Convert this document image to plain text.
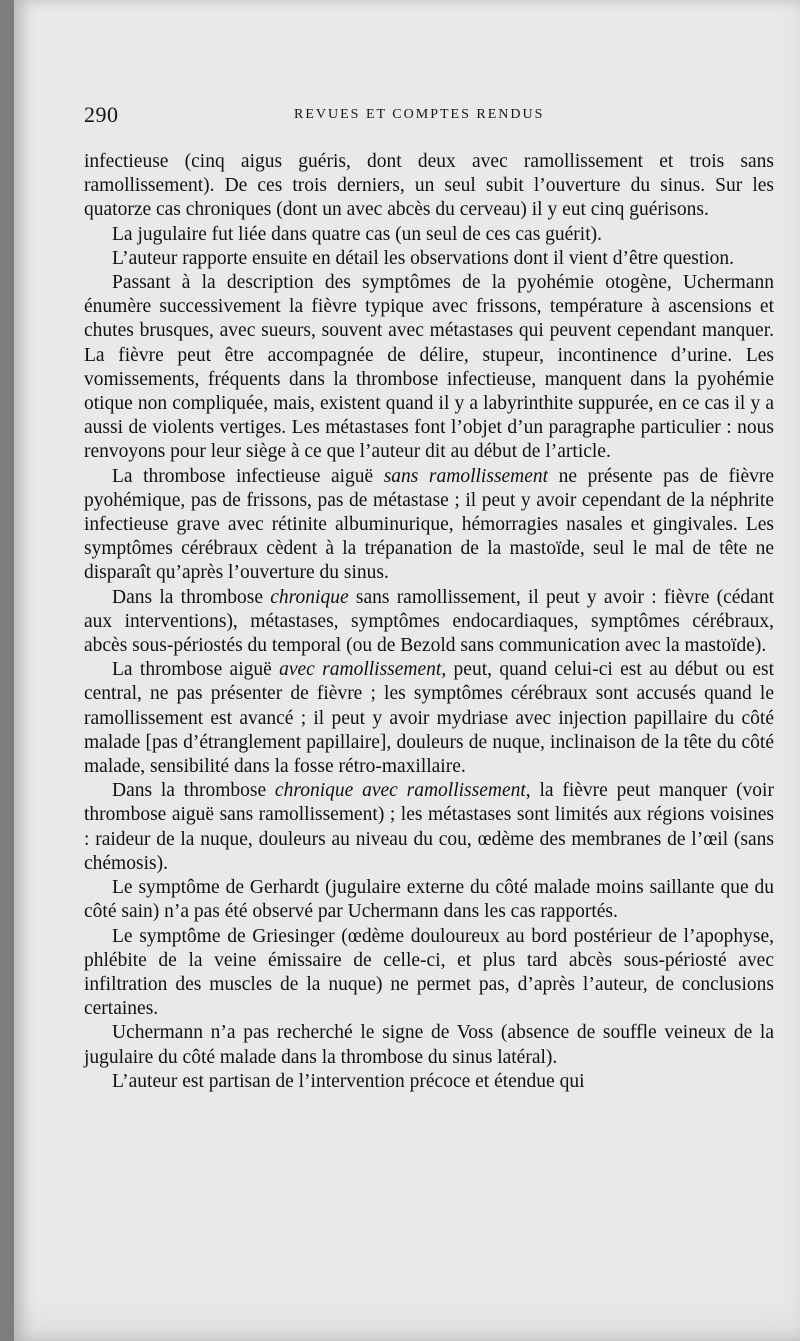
290	REVUES ET COMPTES RENDUS

infectieuse (cinq aigus guéris, dont deux avec ramollissement et trois sans ramollissement). De ces trois derniers, un seul subit l’ouverture du sinus. Sur les quatorze cas chroniques (dont un avec abcès du cerveau) il y eut cinq guérisons.

La jugulaire fut liée dans quatre cas (un seul de ces cas guérit).

L’auteur rapporte ensuite en détail les observations dont il vient d’être question.

Passant à la description des symptômes de la pyohémie otogène, Uchermann énumère successivement la fièvre typique avec frissons, température à ascensions et chutes brusques, avec sueurs, souvent avec métastases qui peuvent cependant manquer. La fièvre peut être accompagnée de délire, stupeur, incontinence d’urine. Les vomissements, fréquents dans la thrombose infectieuse, manquent dans la pyohémie otique non compliquée, mais, existent quand il y a labyrinthite suppurée, en ce cas il y a aussi de violents vertiges. Les métastases font l’objet d’un paragraphe particulier : nous renvoyons pour leur siège à ce que l’auteur dit au début de l’article.

La thrombose infectieuse aiguë sans ramollissement ne présente pas de fièvre pyohémique, pas de frissons, pas de métastase ; il peut y avoir cependant de la néphrite infectieuse grave avec rétinite albuminurique, hémorragies nasales et gingivales. Les symptômes cérébraux cèdent à la trépanation de la mastoïde, seul le mal de tête ne disparaît qu’après l’ouverture du sinus.

Dans la thrombose chronique sans ramollissement, il peut y avoir : fièvre (cédant aux interventions), métastases, symptômes endocardiaques, symptômes cérébraux, abcès sous-périostés du temporal (ou de Bezold sans communication avec la mastoïde).

La thrombose aiguë avec ramollissement, peut, quand celui-ci est au début ou est central, ne pas présenter de fièvre ; les symptômes cérébraux sont accusés quand le ramollissement est avancé ; il peut y avoir mydriase avec injection papillaire du côté malade [pas d’étranglement papillaire], douleurs de nuque, inclinaison de la tête du côté malade, sensibilité dans la fosse rétro-maxillaire.

Dans la thrombose chronique avec ramollissement, la fièvre peut manquer (voir thrombose aiguë sans ramollissement) ; les métastases sont limités aux régions voisines : raideur de la nuque, douleurs au niveau du cou, œdème des membranes de l’œil (sans chémosis).

Le symptôme de Gerhardt (jugulaire externe du côté malade moins saillante que du côté sain) n’a pas été observé par Uchermann dans les cas rapportés.

Le symptôme de Griesinger (œdème douloureux au bord postérieur de l’apophyse, phlébite de la veine émissaire de celle-ci, et plus tard abcès sous-périosté avec infiltration des muscles de la nuque) ne permet pas, d’après l’auteur, de conclusions certaines.

Uchermann n’a pas recherché le signe de Voss (absence de souffle veineux de la jugulaire du côté malade dans la thrombose du sinus latéral).

L’auteur est partisan de l’intervention précoce et étendue qui
